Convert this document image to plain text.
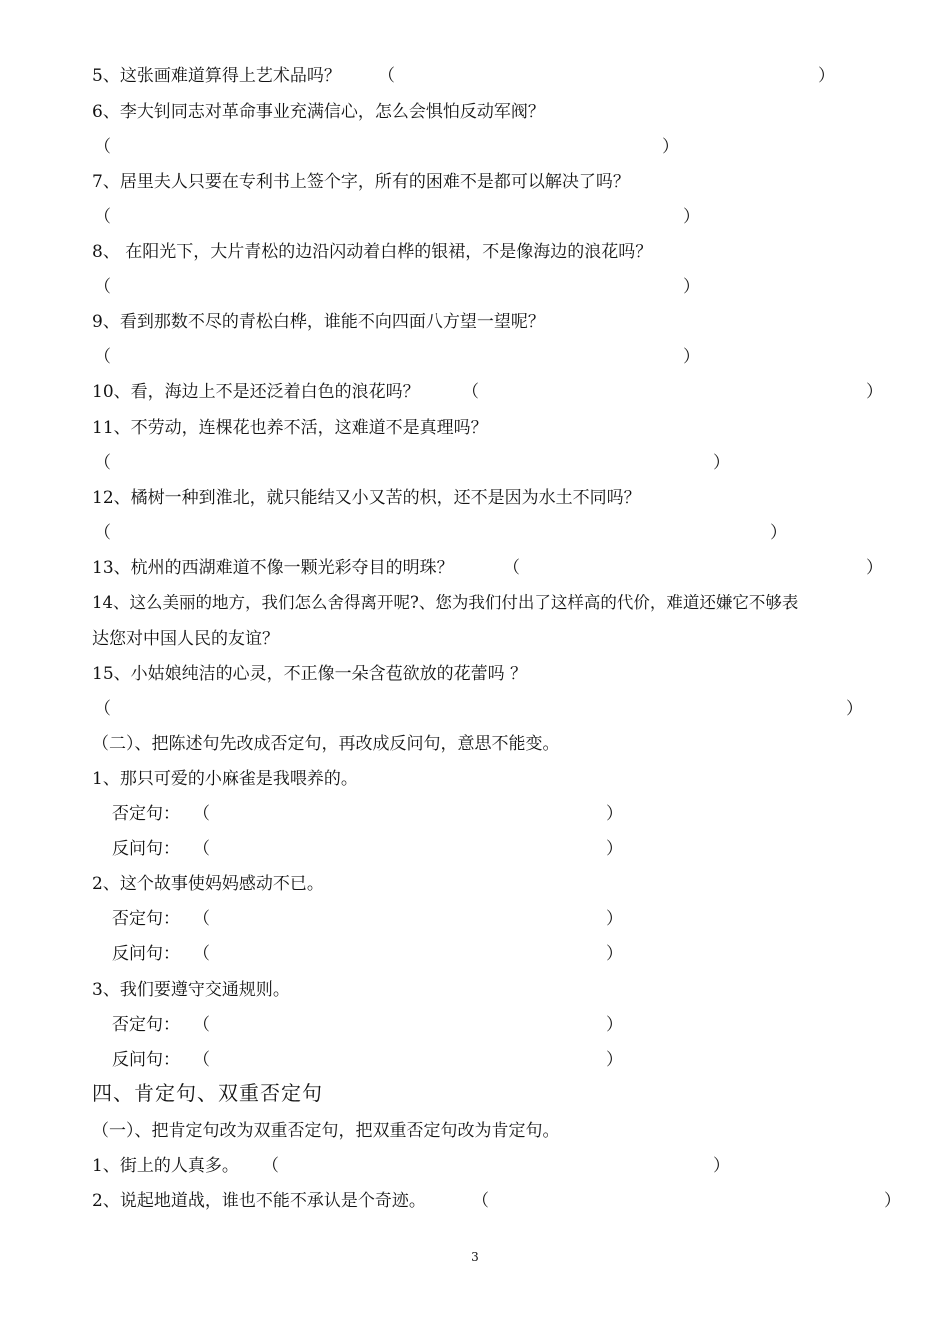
5、这张画难道算得上艺术品吗？ （	）
6、李大钊同志对革命事业充满信心，怎么会惧怕反动军阀？
（	）
7、居里夫人只要在专利书上签个字，所有的困难不是都可以解决了吗？
（	）
8、 在阳光下，大片青松的边沿闪动着白桦的银裙，不是像海边的浪花吗？
（	）
9、看到那数不尽的青松白桦，谁能不向四面八方望一望呢？
（	）
10、看，海边上不是还泛着白色的浪花吗？ （	）
11、不劳动，连棵花也养不活，这难道不是真理吗？
（	）
12、橘树一种到淮北，就只能结又小又苦的枳，还不是因为水土不同吗？
（	）
13、杭州的西湖难道不像一颗光彩夺目的明珠？	（	）
14、这么美丽的地方，我们怎么舍得离开呢?、您为我们付出了这样高的代价，难道还嫌它不够表
达您对中国人民的友谊？
15、小姑娘纯洁的心灵，不正像一朵含苞欲放的花蕾吗 ？
（	）
（二）、把陈述句先改成否定句，再改成反问句，意思不能变。
1、那只可爱的小麻雀是我喂养的。
否定句： （	）
反问句： （	）
2、这个故事使妈妈感动不已。
否定句： （	）
反问句： （	）
3、我们要遵守交通规则。
否定句： （	）
反问句： （	）
四、肯定句、双重否定句
（一）、把肯定句改为双重否定句，把双重否定句改为肯定句。
1、街上的人真多。 （	）
2、说起地道战，谁也不能不承认是个奇迹。	（	）
3
